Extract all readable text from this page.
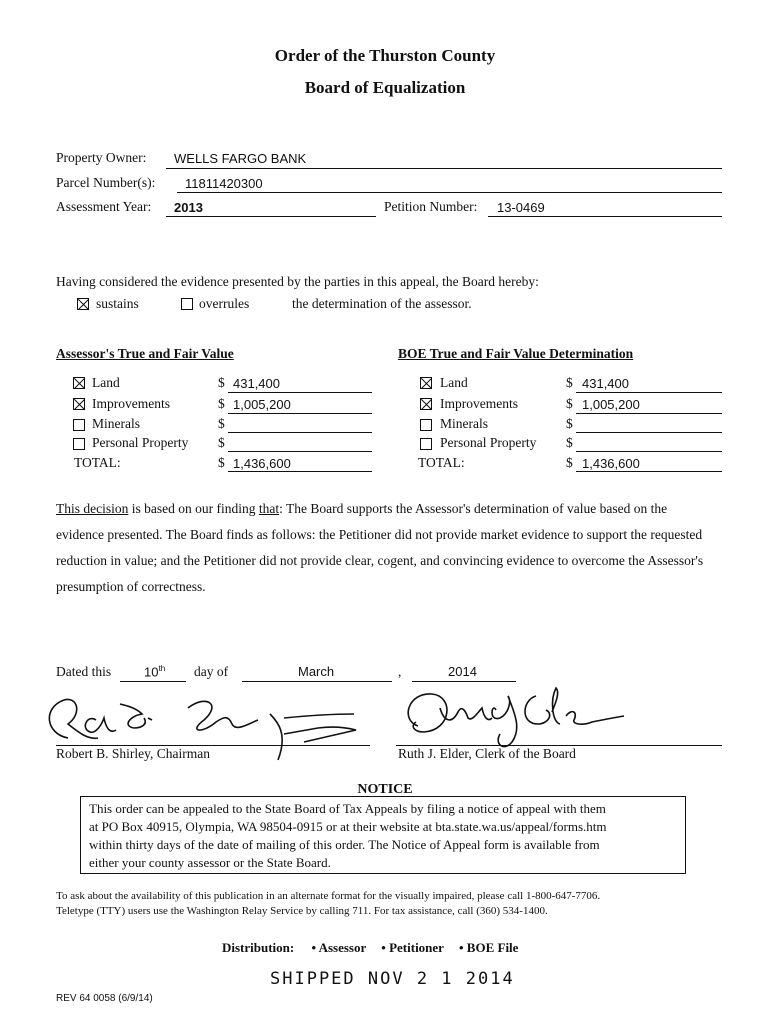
Order of the Thurston County
Board of Equalization
Property Owner: WELLS FARGO BANK
Parcel Number(s): 11811420300
Assessment Year: 2013	Petition Number: 13-0469
Having considered the evidence presented by the parties in this appeal, the Board hereby:
sustains	overrules	the determination of the assessor.
Assessor's True and Fair Value
Land	$ 431,400
Improvements	$ 1,005,200
Minerals	$
Personal Property $
TOTAL:	$ 1,436,600
BOE True and Fair Value Determination
Land	$ 431,400
Improvements	$ 1,005,200
Minerals	$
Personal Property $
TOTAL:	$ 1,436,600
This decision is based on our finding that: The Board supports the Assessor's determination of value based on the evidence presented. The Board finds as follows: the Petitioner did not provide market evidence to support the requested reduction in value; and the Petitioner did not provide clear, cogent, and convincing evidence to overcome the Assessor's presumption of correctness.
Dated this	10th day of	March	,	2014
Robert B. Shirley, Chairman	Ruth J. Elder, Clerk of the Board
NOTICE
This order can be appealed to the State Board of Tax Appeals by filing a notice of appeal with them
at PO Box 40915, Olympia, WA 98504-0915 or at their website at bta.state.wa.us/appeal/forms.htm
within thirty days of the date of mailing of this order. The Notice of Appeal form is available from
either your county assessor or the State Board.
To ask about the availability of this publication in an alternate format for the visually impaired, please call 1-800-647-7706.
Teletype (TTY) users use the Washington Relay Service by calling 711. For tax assistance, call (360) 534-1400.
Distribution: • Assessor • Petitioner • BOE File
REV 64 0058 (6/9/14)
SHIPPED NOV 2 1 2014
